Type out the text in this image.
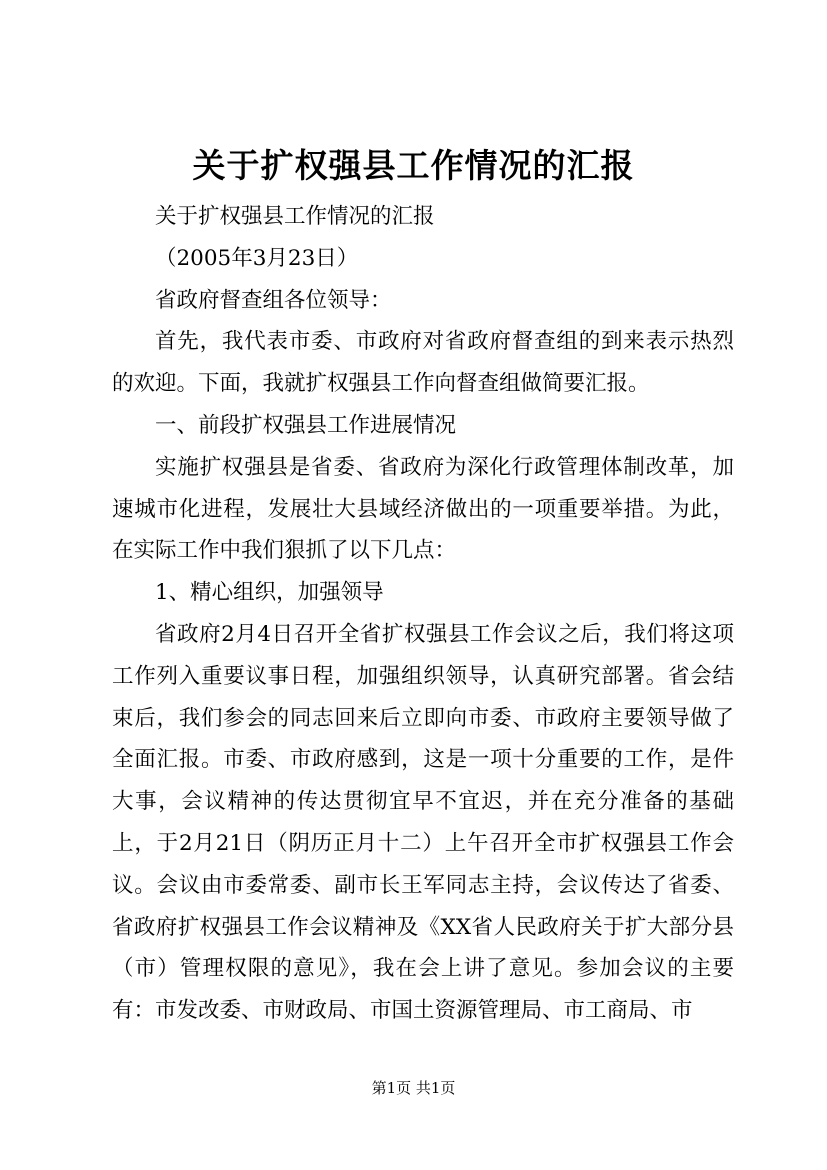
关于扩权强县工作情况的汇报

关于扩权强县工作情况的汇报

（2005年3月23日）

省政府督查组各位领导：

首先，我代表市委、市政府对省政府督查组的到来表示热烈的欢迎。下面，我就扩权强县工作向督查组做简要汇报。

一、前段扩权强县工作进展情况

实施扩权强县是省委、省政府为深化行政管理体制改革，加速城市化进程，发展壮大县域经济做出的一项重要举措。为此，在实际工作中我们狠抓了以下几点：

1、精心组织，加强领导

省政府2月4日召开全省扩权强县工作会议之后，我们将这项工作列入重要议事日程，加强组织领导，认真研究部署。省会结束后，我们参会的同志回来后立即向市委、市政府主要领导做了全面汇报。市委、市政府感到，这是一项十分重要的工作，是件大事，会议精神的传达贯彻宜早不宜迟，并在充分准备的基础上，于2月21日（阴历正月十二）上午召开全市扩权强县工作会议。会议由市委常委、副市长王军同志主持，会议传达了省委、省政府扩权强县工作会议精神及《XX省人民政府关于扩大部分县（市）管理权限的意见》，我在会上讲了意见。参加会议的主要有：市发改委、市财政局、市国土资源管理局、市工商局、市

第1页 共1页
